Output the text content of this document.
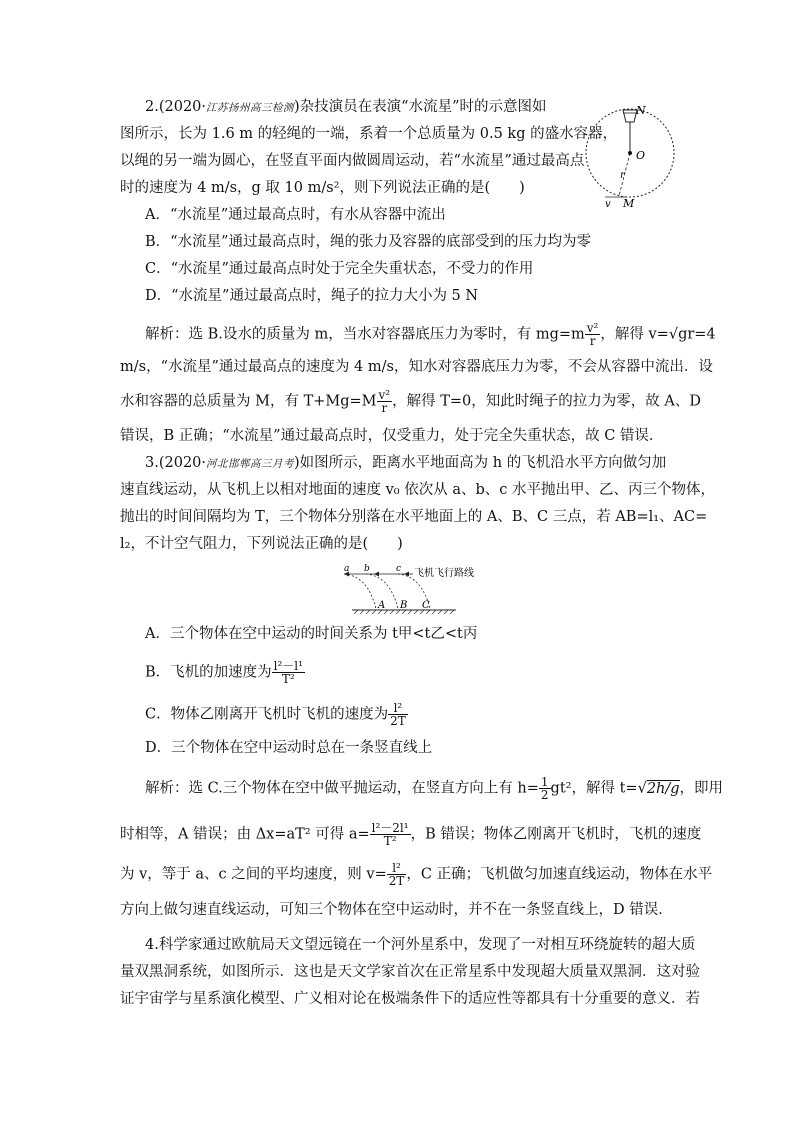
2.(2020·江苏扬州高三检测)杂技演员在表演“水流星”时的示意图如
图所示，长为 1.6 m 的轻绳的一端，系着一个总质量为 0.5 kg 的盛水容器，
以绳的另一端为圆心，在竖直平面内做圆周运动，若“水流星”通过最高点
时的速度为 4 m/s，g 取 10 m/s²，则下列说法正确的是(　　)
N
O
r
v M
A．“水流星”通过最高点时，有水从容器中流出
B．“水流星”通过最高点时，绳的张力及容器的底部受到的压力均为零
C．“水流星”通过最高点时处于完全失重状态，不受力的作用
D．“水流星”通过最高点时，绳子的拉力大小为 5 N
解析：选 B.设水的质量为 m，当水对容器底压力为零时，有 $mg=m \frac{\text{v²}}{r}$ ，解得 v=√gr=4
m/s，“水流星”通过最高点的速度为 4 m/s，知水对容器底压力为零，不会从容器中流出．设
水和容器的总质量为 M，有 $T+Mg=M \frac{\text{v²}}{r}$ ，解得 T=0，知此时绳子的拉力为零，故 A、D
错误，B 正确；“水流星”通过最高点时，仅受重力，处于完全失重状态，故 C 错误．
3.(2020·河北邯郸高三月考)如图所示，距离水平地面高为 h 的飞机沿水平方向做匀加
速直线运动，从飞机上以相对地面的速度 v₀ 依次从 a、b、c 水平抛出甲、乙、丙三个物体，
抛出的时间间隔均为 T，三个物体分别落在水平地面上的 A、B、C 三点，若 AB=l₁、AC=
l₂，不计空气阻力，下列说法正确的是(　　)
a b	c 飞机飞行路线
A B C
A．三个物体在空中运动的时间关系为 t甲<t乙<t丙
B．飞机的加速度为 $\frac{\text{l²－l¹}}{\text{T²}}$
C．物体乙刚离开飞机时飞机的速度为 $\frac{\text{l²}}{2T}$
D．三个物体在空中运动时总在一条竖直线上
解析：选 C.三个物体在空中做平抛运动，在竖直方向上有 $h= \frac{1}{2} gt^2$，解得 t=√2h/g，即用
时相等，A 错误；由 Δx=aT² 可得 $a= \frac{\text{l²－2l¹}}{\text{T²}}$ ，B 错误；物体乙刚离开飞机时，飞机的速度
为 v，等于 a、c 之间的平均速度，则 $v= \frac{\text{l²}}{2T}$ ，C 正确；飞机做匀加速直线运动，物体在水平
方向上做匀速直线运动，可知三个物体在空中运动时，并不在一条竖直线上，D 错误．
4.科学家通过欧航局天文望远镜在一个河外星系中，发现了一对相互环绕旋转的超大质
量双黑洞系统，如图所示．这也是天文学家首次在正常星系中发现超大质量双黑洞．这对验
证宇宙学与星系演化模型、广义相对论在极端条件下的适应性等都具有十分重要的意义．若
